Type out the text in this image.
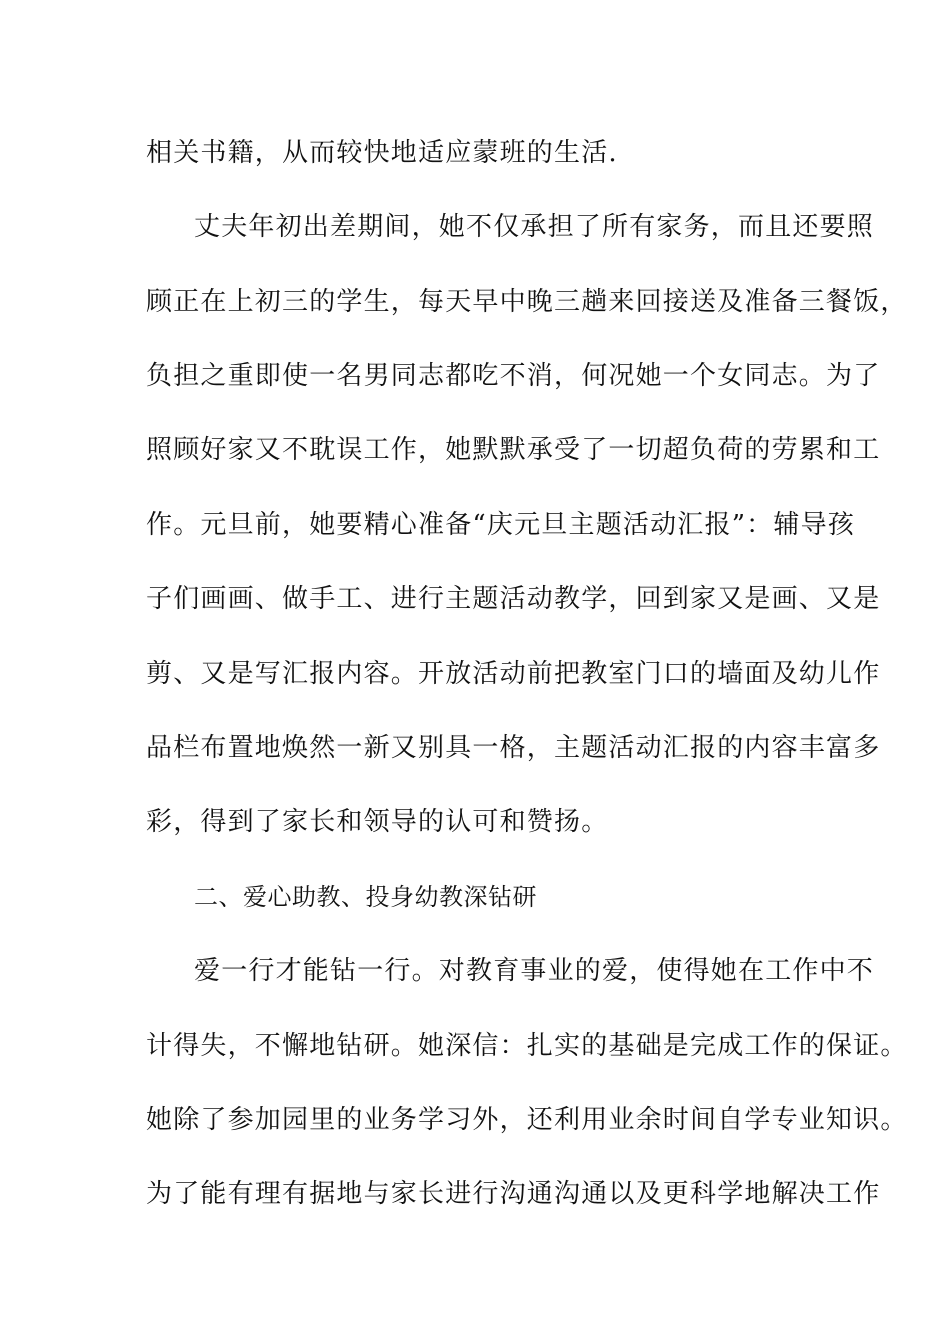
相关书籍，从而较快地适应蒙班的生活.
丈夫年初出差期间，她不仅承担了所有家务，而且还要照
顾正在上初三的学生，每天早中晚三趟来回接送及准备三餐饭，
负担之重即使一名男同志都吃不消，何况她一个女同志。为了
照顾好家又不耽误工作，她默默承受了一切超负荷的劳累和工
作。元旦前，她要精心准备“庆元旦主题活动汇报”：辅导孩
子们画画、做手工、进行主题活动教学，回到家又是画、又是
剪、又是写汇报内容。开放活动前把教室门口的墙面及幼儿作
品栏布置地焕然一新又别具一格，主题活动汇报的内容丰富多
彩，得到了家长和领导的认可和赞扬。
二、爱心助教、投身幼教深钻研
爱一行才能钻一行。对教育事业的爱，使得她在工作中不
计得失，不懈地钻研。她深信：扎实的基础是完成工作的保证。
她除了参加园里的业务学习外，还利用业余时间自学专业知识。
为了能有理有据地与家长进行沟通沟通以及更科学地解决工作
